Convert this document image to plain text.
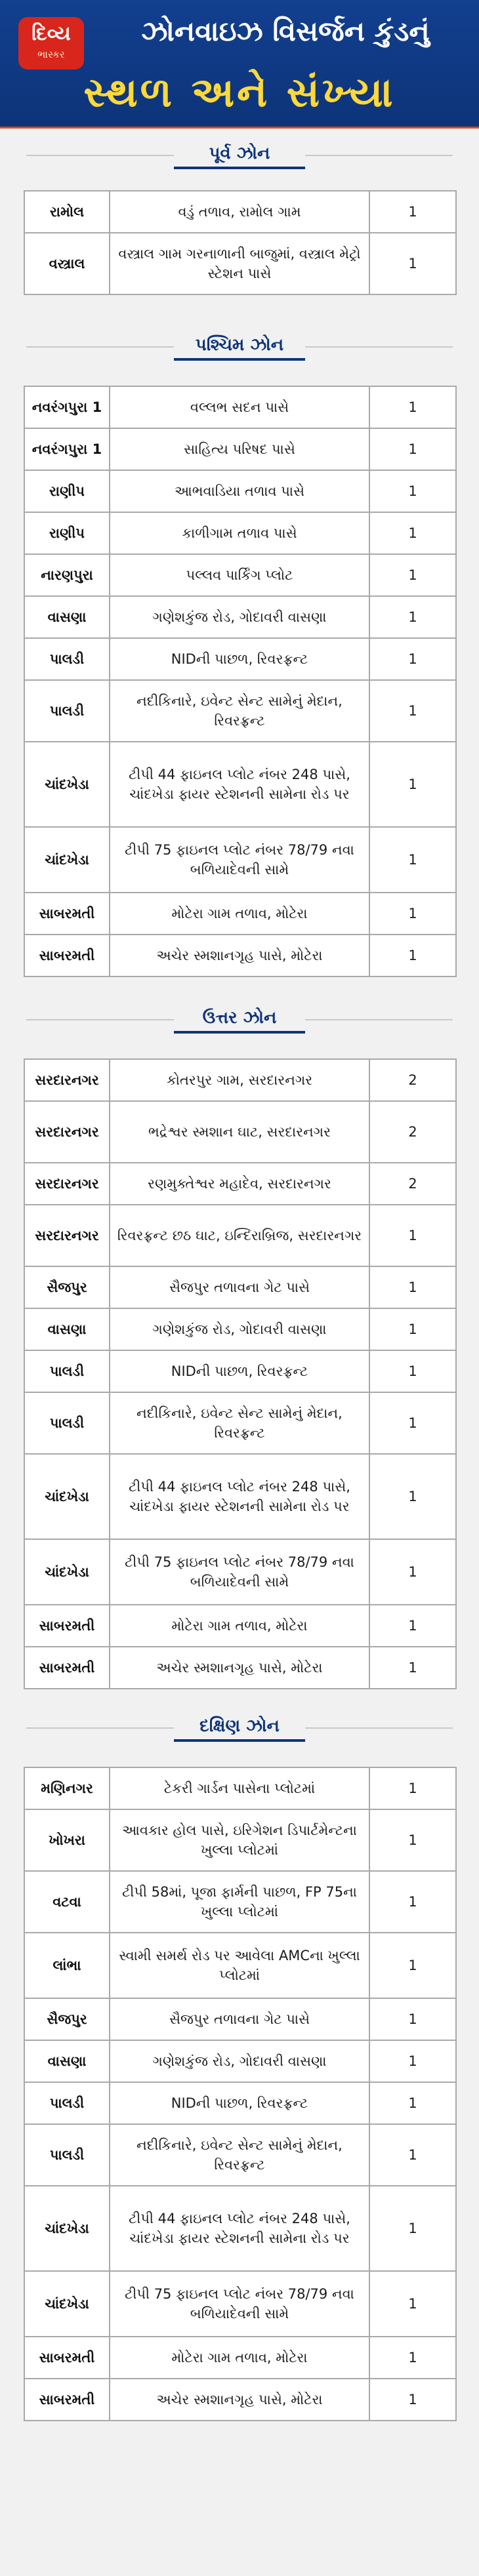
દિવ્ય
ભાસ્કર
ઝોનવાઇઝ વિસર્જન કુંડનું
સ્થળ અને સંખ્યા
પૂર્વ ઝોન
રામોલ	વડું તળાવ, રામોલ ગામ	1
વસ્ત્રાલ	વસ્ત્રાલ ગામ ગરનાળાની બાજુમાં, વસ્ત્રાલ મેટ્રો સ્ટેશન પાસે	1
પશ્ચિમ ઝોન
નવરંગપુરા 1	વલ્લભ સદન પાસે	1
નવરંગપુરા 1	સાહિત્ય પરિષદ પાસે	1
રાણીપ	આભવાડિયા તળાવ પાસે	1
રાણીપ	કાળીગામ તળાવ પાસે	1
નારણપુરા	પલ્લવ પાર્કિંગ પ્લોટ	1
વાસણા	ગણેશકુંજ રોડ, ગોદાવરી વાસણા	1
પાલડી	NIDની પાછળ, રિવરફ્રન્ટ	1
પાલડી	નદીકિનારે, ઇવેન્ટ સેન્ટ સામેનું મેદાન, રિવરફ્રન્ટ	1
ચાંદખેડા	ટીપી 44 ફાઇનલ પ્લોટ નંબર 248 પાસે, ચાંદખેડા ફાયર સ્ટેશનની સામેના રોડ પર	1
ચાંદખેડા	ટીપી 75 ફાઇનલ પ્લોટ નંબર 78/79 નવા બળિયાદેવની સામે	1
સાબરમતી	મોટેરા ગામ તળાવ, મોટેરા	1
સાબરમતી	અચેર સ્મશાનગૃહ પાસે, મોટેરા	1
ઉત્તર ઝોન
સરદારનગર	કોતરપુર ગામ, સરદારનગર	2
સરદારનગર	ભદ્રેશ્વર સ્મશાન ઘાટ, સરદારનગર	2
સરદારનગર	રણમુક્તેશ્વર મહાદેવ, સરદારનગર	2
સરદારનગર	રિવરફ્રન્ટ છઠ ઘાટ, ઇન્દિરાબ્રિજ, સરદારનગર	1
સૈજપુર	સૈજપુર તળાવના ગેટ પાસે	1
વાસણા	ગણેશકુંજ રોડ, ગોદાવરી વાસણા	1
પાલડી	NIDની પાછળ, રિવરફ્રન્ટ	1
પાલડી	નદીકિનારે, ઇવેન્ટ સેન્ટ સામેનું મેદાન, રિવરફ્રન્ટ	1
ચાંદખેડા	ટીપી 44 ફાઇનલ પ્લોટ નંબર 248 પાસે, ચાંદખેડા ફાયર સ્ટેશનની સામેના રોડ પર	1
ચાંદખેડા	ટીપી 75 ફાઇનલ પ્લોટ નંબર 78/79 નવા બળિયાદેવની સામે	1
સાબરમતી	મોટેરા ગામ તળાવ, મોટેરા	1
સાબરમતી	અચેર સ્મશાનગૃહ પાસે, મોટેરા	1
દક્ષિણ ઝોન
મણિનગર	ટેકરી ગાર્ડન પાસેના પ્લોટમાં	1
ખોખરા	આવકાર હોલ પાસે, ઇરિગેશન ડિપાર્ટમેન્ટના ખુલ્લા પ્લોટમાં	1
વટવા	ટીપી 58માં, પૂજા ફાર્મની પાછળ, FP 75ના ખુલ્લા પ્લોટમાં	1
લાંભા	સ્વામી સમર્થ રોડ પર આવેલા AMCના ખુલ્લા પ્લોટમાં	1
સૈજપુર	સૈજપુર તળાવના ગેટ પાસે	1
વાસણા	ગણેશકુંજ રોડ, ગોદાવરી વાસણા	1
પાલડી	NIDની પાછળ, રિવરફ્રન્ટ	1
પાલડી	નદીકિનારે, ઇવેન્ટ સેન્ટ સામેનું મેદાન, રિવરફ્રન્ટ	1
ચાંદખેડા	ટીપી 44 ફાઇનલ પ્લોટ નંબર 248 પાસે, ચાંદખેડા ફાયર સ્ટેશનની સામેના રોડ પર	1
ચાંદખેડા	ટીપી 75 ફાઇનલ પ્લોટ નંબર 78/79 નવા બળિયાદેવની સામે	1
સાબરમતી	મોટેરા ગામ તળાવ, મોટેરા	1
સાબરમતી	અચેર સ્મશાનગૃહ પાસે, મોટેરા	1
